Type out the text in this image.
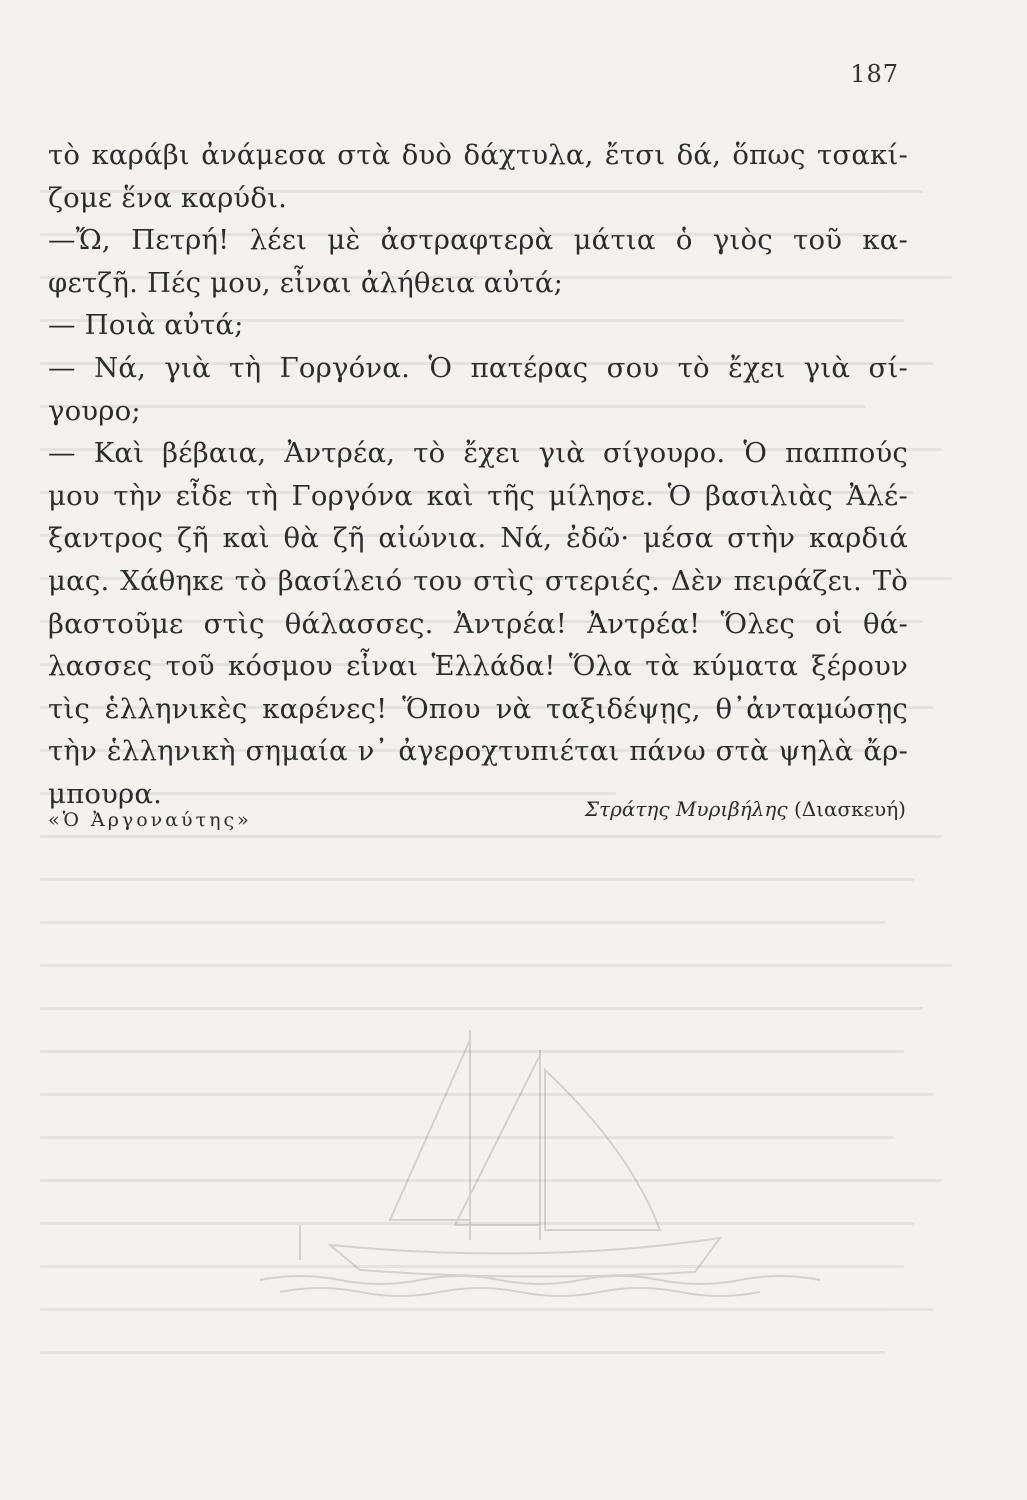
187
τὸ καράβι ἀνάμεσα στὰ δυὸ δάχτυλα, ἔτσι δά, ὅπως τσακί-
ζομε ἕνα καρύδι.
—Ὤ, Πετρή! λέει μὲ ἀστραφτερὰ μάτια ὁ γιὸς τοῦ κα-
φετζῆ. Πές μου, εἶναι ἀλήθεια αὐτά;
— Ποιὰ αὐτά;
— Νά, γιὰ τὴ Γοργόνα. Ὁ πατέρας σου τὸ ἔχει γιὰ σί-
γουρο;
— Καὶ βέβαια, Ἀντρέα, τὸ ἔχει γιὰ σίγουρο. Ὁ παππούς
μου τὴν εἶδε τὴ Γοργόνα καὶ τῆς μίλησε. Ὁ βασιλιὰς Ἀλέ-
ξαντρος ζῆ καὶ θὰ ζῆ αἰώνια. Νά, ἐδῶ· μέσα στὴν καρδιά
μας. Χάθηκε τὸ βασίλειό του στὶς στεριές. Δὲν πειράζει. Τὸ
βαστοῦμε στὶς θάλασσες. Ἀντρέα! Ἀντρέα! Ὅλες οἱ θά-
λασσες τοῦ κόσμου εἶναι Ἑλλάδα! Ὅλα τὰ κύματα ξέρουν
τὶς ἑλληνικὲς καρένες! Ὅπου νὰ ταξιδέψῃς, θ᾽ἀνταμώσῃς
τὴν ἑλληνικὴ σημαία ν᾽ ἀγεροχτυπιέται πάνω στὰ ψηλὰ ἄρ-
μπουρα.
«Ὁ Ἀργοναύτης»	Στράτης Μυριβήλης (Διασκευή)
